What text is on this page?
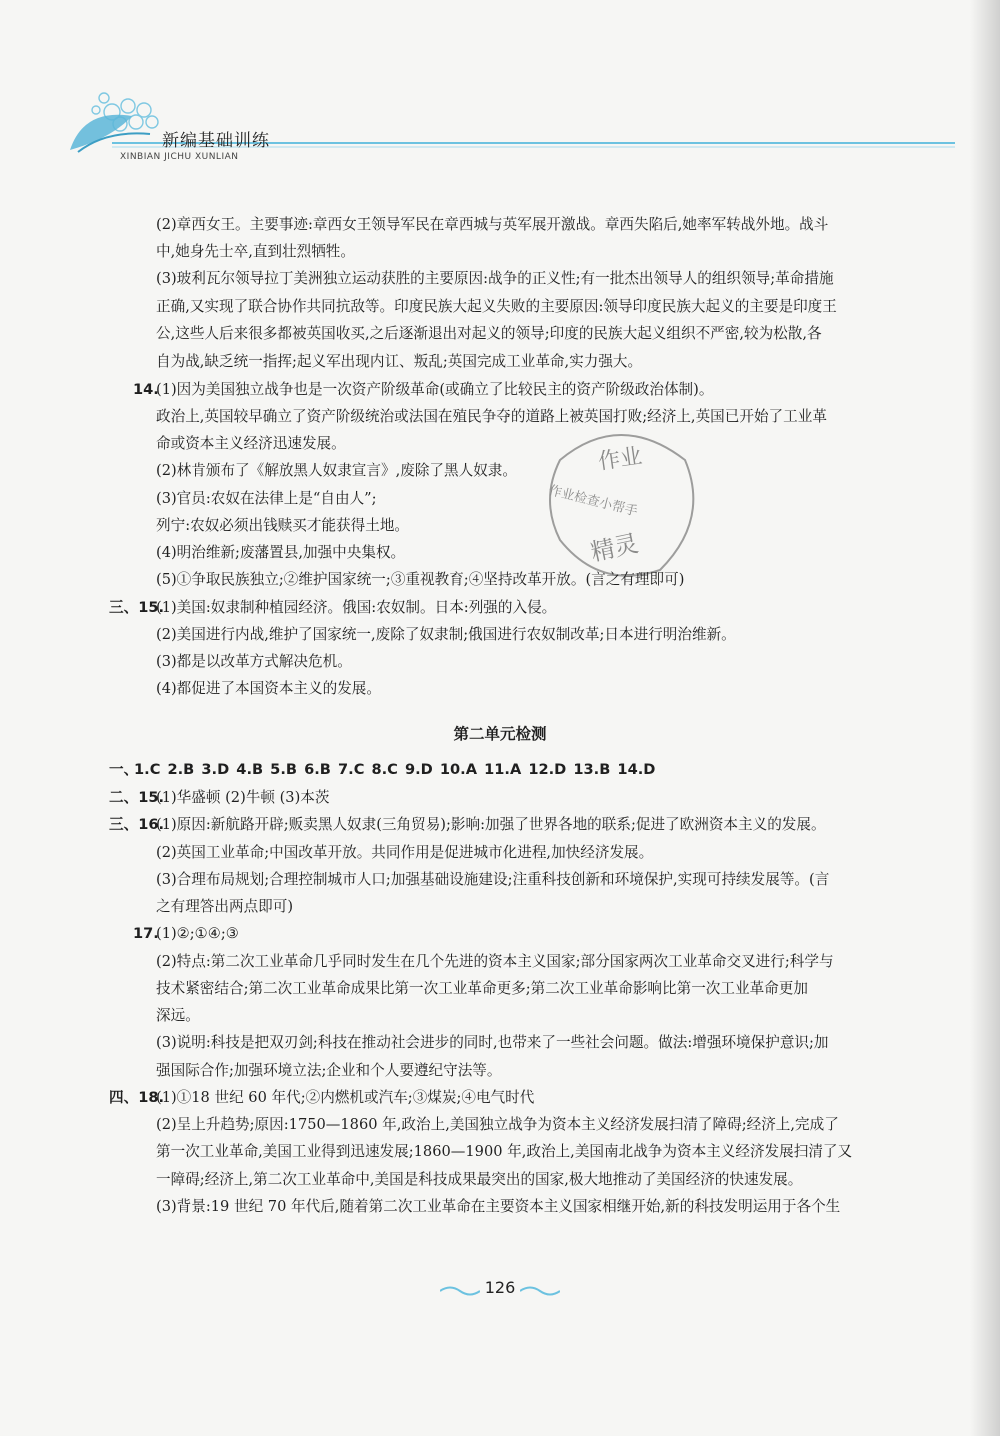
新编基础训练
XINBIAN JICHU XUNLIAN
作业
作业检查小帮手
精灵
(2)章西女王。主要事迹:章西女王领导军民在章西城与英军展开激战。章西失陷后,她率军转战外地。战斗
中,她身先士卒,直到壮烈牺牲。
(3)玻利瓦尔领导拉丁美洲独立运动获胜的主要原因:战争的正义性;有一批杰出领导人的组织领导;革命措施
正确,又实现了联合协作共同抗敌等。印度民族大起义失败的主要原因:领导印度民族大起义的主要是印度王
公,这些人后来很多都被英国收买,之后逐渐退出对起义的领导;印度的民族大起义组织不严密,较为松散,各
自为战,缺乏统一指挥;起义军出现内讧、叛乱;英国完成工业革命,实力强大。
14.
(1)因为美国独立战争也是一次资产阶级革命(或确立了比较民主的资产阶级政治体制)。
政治上,英国较早确立了资产阶级统治或法国在殖民争夺的道路上被英国打败;经济上,英国已开始了工业革
命或资本主义经济迅速发展。
(2)林肯颁布了《解放黑人奴隶宣言》,废除了黑人奴隶。
(3)官员:农奴在法律上是“自由人”;
列宁:农奴必须出钱赎买才能获得土地。
(4)明治维新;废藩置县,加强中央集权。
(5)①争取民族独立;②维护国家统一;③重视教育;④坚持改革开放。(言之有理即可)
三、15.
(1)美国:奴隶制种植园经济。俄国:农奴制。日本:列强的入侵。
(2)美国进行内战,维护了国家统一,废除了奴隶制;俄国进行农奴制改革;日本进行明治维新。
(3)都是以改革方式解决危机。
(4)都促进了本国资本主义的发展。
第二单元检测
一、
1.C 2.B 3.D 4.B 5.B 6.B 7.C 8.C 9.D 10.A 11.A 12.D 13.B 14.D
二、15.
(1)华盛顿 (2)牛顿 (3)本茨
三、16.
(1)原因:新航路开辟;贩卖黑人奴隶(三角贸易);影响:加强了世界各地的联系;促进了欧洲资本主义的发展。
(2)英国工业革命;中国改革开放。共同作用是促进城市化进程,加快经济发展。
(3)合理布局规划;合理控制城市人口;加强基础设施建设;注重科技创新和环境保护,实现可持续发展等。(言
之有理答出两点即可)
17.
(1)②;①④;③
(2)特点:第二次工业革命几乎同时发生在几个先进的资本主义国家;部分国家两次工业革命交叉进行;科学与
技术紧密结合;第二次工业革命成果比第一次工业革命更多;第二次工业革命影响比第一次工业革命更加
深远。
(3)说明:科技是把双刃剑;科技在推动社会进步的同时,也带来了一些社会问题。做法:增强环境保护意识;加
强国际合作;加强环境立法;企业和个人要遵纪守法等。
四、18.
(1)①18 世纪 60 年代;②内燃机或汽车;③煤炭;④电气时代
(2)呈上升趋势;原因:1750—1860 年,政治上,美国独立战争为资本主义经济发展扫清了障碍;经济上,完成了
第一次工业革命,美国工业得到迅速发展;1860—1900 年,政治上,美国南北战争为资本主义经济发展扫清了又
一障碍;经济上,第二次工业革命中,美国是科技成果最突出的国家,极大地推动了美国经济的快速发展。
(3)背景:19 世纪 70 年代后,随着第二次工业革命在主要资本主义国家相继开始,新的科技发明运用于各个生
126
